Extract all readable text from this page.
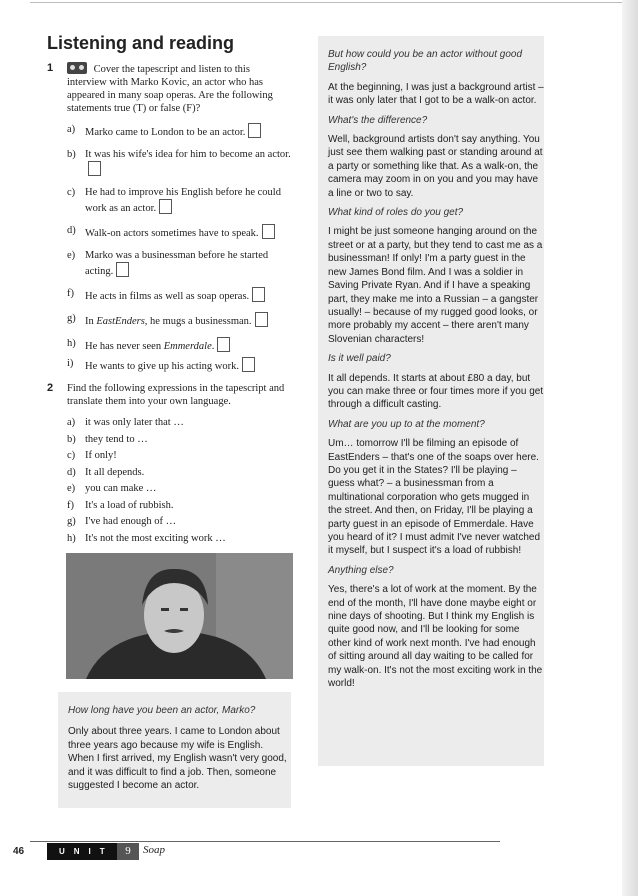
Listening and reading
1	Cover the tapescript and listen to this interview with Marko Kovic, an actor who has appeared in many soap operas. Are the following statements true (T) or false (F)?
a) Marko came to London to be an actor.
b) It was his wife's idea for him to become an actor.
c) He had to improve his English before he could work as an actor.
d) Walk-on actors sometimes have to speak.
e) Marko was a businessman before he started acting.
f)	He acts in films as well as soap operas.
g) In EastEnders, he mugs a businessman.
h) He has never seen Emmerdale.
i)	He wants to give up his acting work.
2	Find the following expressions in the tapescript and translate them into your own language.
a) it was only later that …
b) they tend to …
c) If only!
d) It all depends.
e) you can make …
f)	It's a load of rubbish.
g) I've had enough of …
h) It's not the most exciting work …

How long have you been an actor, Marko?

Only about three years. I came to London about three years ago because my wife is English. When I first arrived, my English wasn't very good, and it was difficult to find a job. Then, someone suggested I become an actor.

But how could you be an actor without good English?

At the beginning, I was just a background artist – it was only later that I got to be a walk-on actor.

What's the difference?

Well, background artists don't say anything. You just see them walking past or standing around at a party or something like that. As a walk-on, the camera may zoom in on you and you may have a line or two to say.

What kind of roles do you get?

I might be just someone hanging around on the street or at a party, but they tend to cast me as a businessman! If only! I'm a party guest in the new James Bond film. And I was a soldier in Saving Private Ryan. And if I have a speaking part, they make me into a Russian – a gangster usually! – because of my rugged good looks, or more probably my accent – there aren't many Slovenian characters!

Is it well paid?

It all depends. It starts at about £80 a day, but you can make three or four times more if you get through a difficult casting.

What are you up to at the moment?

Um… tomorrow I'll be filming an episode of EastEnders – that's one of the soaps over here. Do you get it in the States? I'll be playing – guess what? – a businessman from a multinational corporation who gets mugged in the street. And then, on Friday, I'll be playing a party guest in an episode of Emmerdale. Have you heard of it? I must admit I've never watched it myself, but I suspect it's a load of rubbish!

Anything else?

Yes, there's a lot of work at the moment. By the end of the month, I'll have done maybe eight or nine days of shooting. But I think my English is quite good now, and I'll be looking for some other kind of work next month. I've had enough of sitting around all day waiting to be called for my walk-on. It's not the most exciting work in the world!

46	UNIT	9	Soap
